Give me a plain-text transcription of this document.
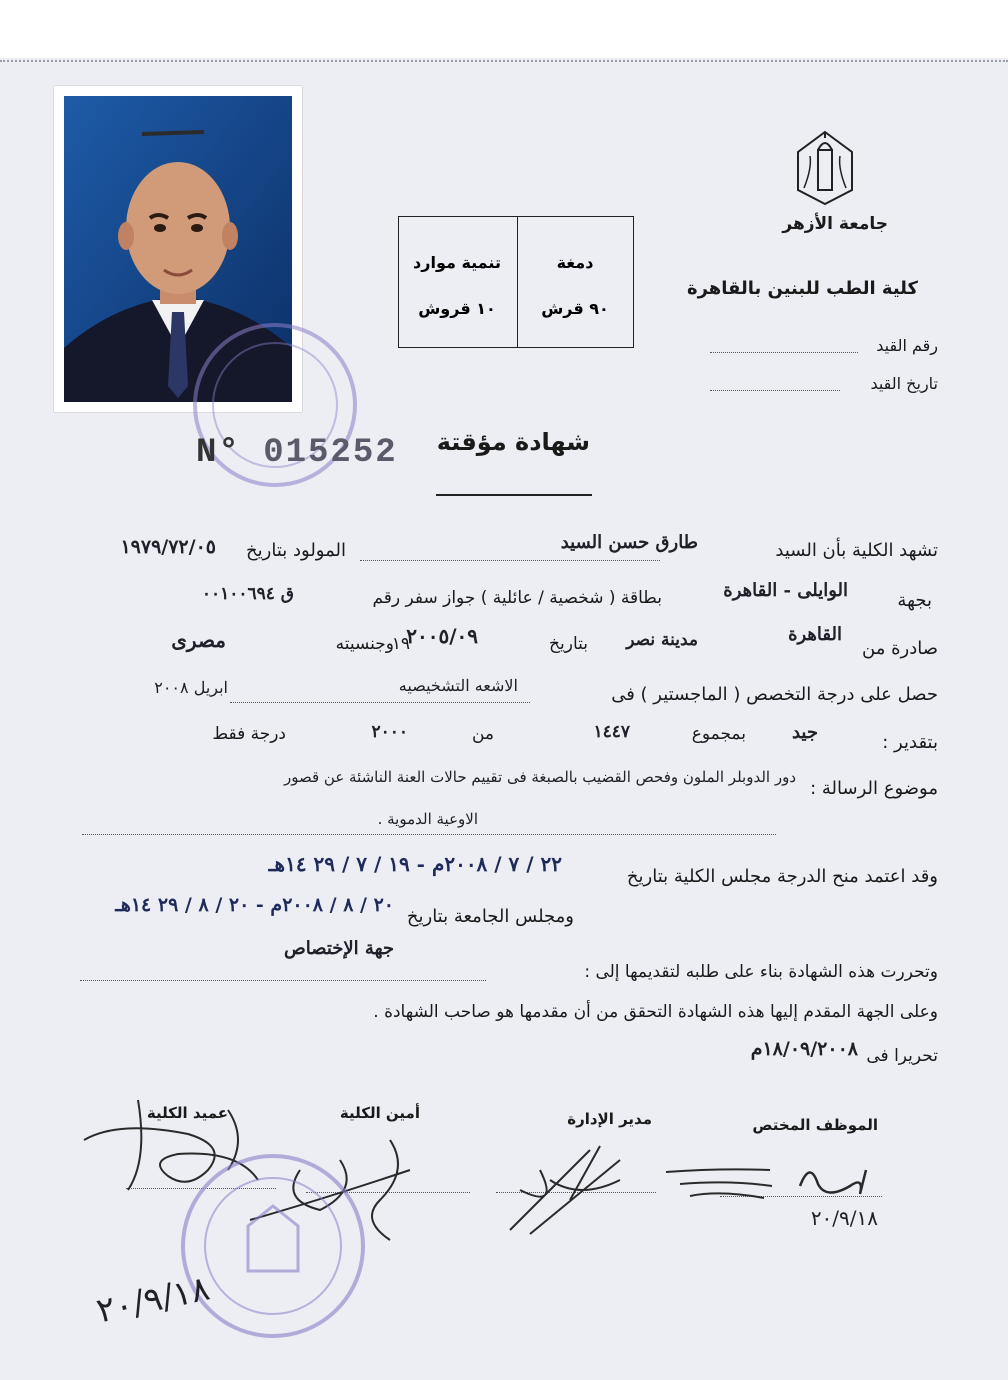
جامعة الأزهر
كلية الطب للبنين بالقاهرة
رقم القيد
تاريخ القيد
دمغة
٩٠ قرش
تنمية موارد
١٠ قروش
N° 015252 شهادة مؤقتة
تشهد الكلية بأن السيد
طارق حسن السيد
المولود بتاريخ
١٩٧٩/٧٢/٠٥
بجهة
الوايلى - القاهرة
بطاقة ( شخصية / عائلية ) جواز سفر رقم
ق ٠٠١٠٠٦٩٤
صادرة من
القاهرة
مدينة نصر
بتاريخ
٢٠٠٥/٠٩
١٩
وجنسيته
مصرى
حصل على درجة التخصص ( الماجستير ) فى
الاشعه التشخيصيه
ابريل ٢٠٠٨
بتقدير :
جيد
بمجموع
١٤٤٧
من
٢٠٠٠
درجة فقط
موضوع الرسالة :
دور الدوبلر الملون وفحص القضيب بالصبغة فى تقييم حالات العنة الناشئة عن قصور
الاوعية الدموية .
وقد اعتمد منح الدرجة مجلس الكلية بتاريخ
٢٢ / ٧ / ٢٠٠٨م - ١٩ / ٧ / ٢٩ ١٤هـ
ومجلس الجامعة بتاريخ
٢٠ / ٨ / ٢٠٠٨م - ٢٠ / ٨ / ٢٩ ١٤هـ
جهة الإختصاص
وتحررت هذه الشهادة بناء على طلبه لتقديمها إلى :
وعلى الجهة المقدم إليها هذه الشهادة التحقق من أن مقدمها هو صاحب الشهادة .
تحريرا فى
١٨/٠٩/٢٠٠٨م
الموظف المختص
مدير الإدارة
أمين الكلية
عميد الكلية
٢٠/٩/١٨
٢٠/٩/١٨
